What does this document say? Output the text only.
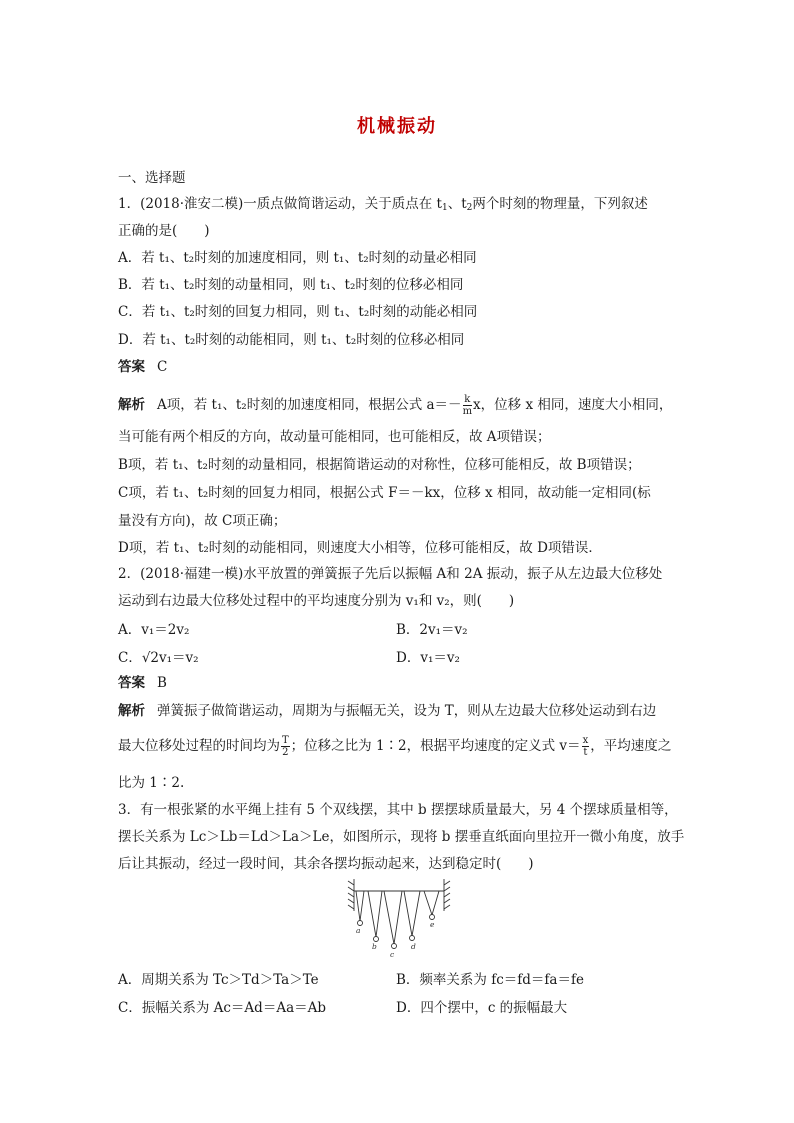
机械振动
一、选择题
1．(2018·淮安二模)一质点做简谐运动，关于质点在 $t_1$、$t_2$两个时刻的物理量，下列叙述
正确的是(　　)
A．若 t₁、t₂时刻的加速度相同，则 t₁、t₂时刻的动量必相同
B．若 t₁、t₂时刻的动量相同，则 t₁、t₂时刻的位移必相同
C．若 t₁、t₂时刻的回复力相同，则 t₁、t₂时刻的动能必相同
D．若 t₁、t₂时刻的动能相同，则 t₁、t₂时刻的位移必相同
答案 C
解析 A项，若 t₁、t₂时刻的加速度相同，根据公式 $a=- \frac{k}{m}$ x，位移 x 相同，速度大小相同，
当可能有两个相反的方向，故动量可能相同，也可能相反，故 A项错误；
B项，若 t₁、t₂时刻的动量相同，根据简谐运动的对称性，位移可能相反，故 B项错误；
C项，若 t₁、t₂时刻的回复力相同，根据公式 F＝－kx，位移 x 相同，故动能一定相同(标
量没有方向)，故 C项正确；
D项，若 t₁、t₂时刻的动能相同，则速度大小相等，位移可能相反，故 D项错误．
2．(2018·福建一模)水平放置的弹簧振子先后以振幅 A和 2A 振动，振子从左边最大位移处
运动到右边最大位移处过程中的平均速度分别为 v₁和 v₂，则(　　)
A．v₁＝2v₂	B．2v₁＝v₂
C．√2v₁＝v₂	D．v₁＝v₂
答案 B
解析 弹簧振子做简谐运动，周期为与振幅无关，设为 T，则从左边最大位移处运动到右边
最大位移处过程的时间均为 $\frac{T}{2}$ ；位移之比为 1∶2，根据平均速度的定义式 $v= \frac{x}{t}$ ，平均速度之
比为 1∶2.
3．有一根张紧的水平绳上挂有 5 个双线摆，其中 b 摆摆球质量最大，另 4 个摆球质量相等，
摆长关系为 Lc＞Lb＝Ld＞La＞Le，如图所示，现将 b 摆垂直纸面向里拉开一微小角度，放手
后让其振动，经过一段时间，其余各摆均振动起来，达到稳定时(　　)
a
b
c
d
e
A．周期关系为 Tc＞Td＞Ta＞Te	B．频率关系为 fc＝fd＝fa＝fe
C．振幅关系为 Ac＝Ad＝Aa＝Ab	D．四个摆中，c 的振幅最大
